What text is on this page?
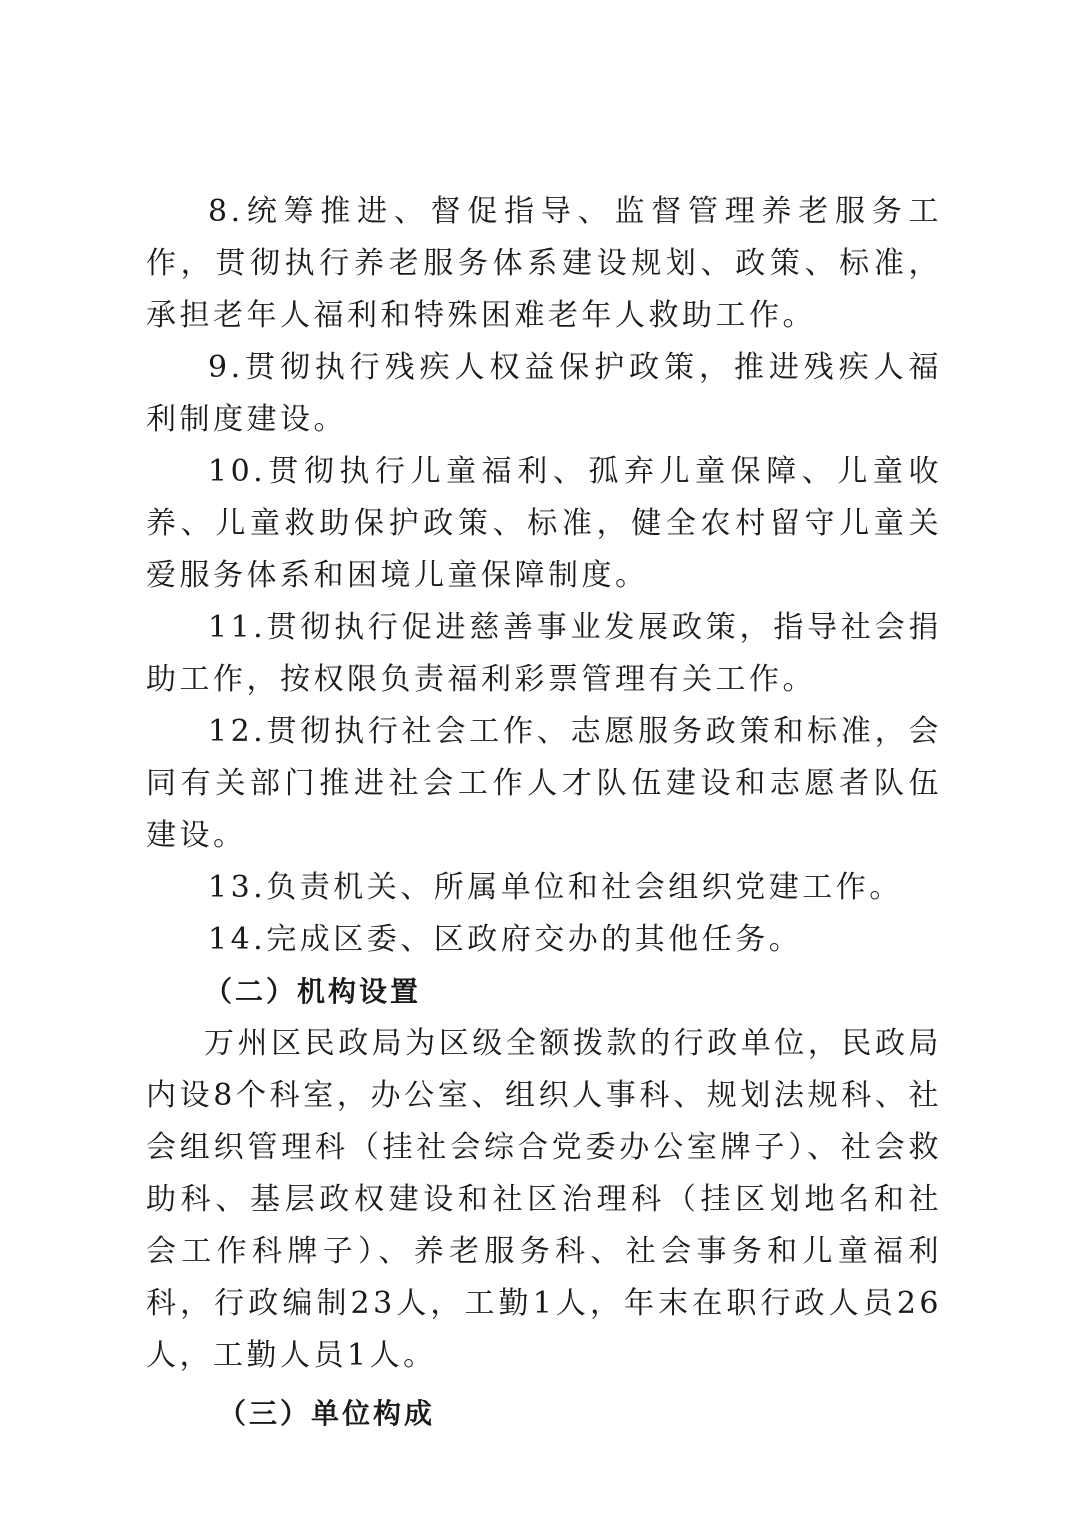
8.统筹推进、督促指导、监督管理养老服务工作，贯彻执行养老服务体系建设规划、政策、标准，承担老年人福利和特殊困难老年人救助工作。

9.贯彻执行残疾人权益保护政策，推进残疾人福利制度建设。

10.贯彻执行儿童福利、孤弃儿童保障、儿童收养、儿童救助保护政策、标准，健全农村留守儿童关爱服务体系和困境儿童保障制度。

11.贯彻执行促进慈善事业发展政策，指导社会捐助工作，按权限负责福利彩票管理有关工作。

12.贯彻执行社会工作、志愿服务政策和标准，会同有关部门推进社会工作人才队伍建设和志愿者队伍建设。

13.负责机关、所属单位和社会组织党建工作。

14.完成区委、区政府交办的其他任务。

（二）机构设置

万州区民政局为区级全额拨款的行政单位，民政局内设8个科室，办公室、组织人事科、规划法规科、社会组织管理科（挂社会综合党委办公室牌子）、社会救助科、基层政权建设和社区治理科（挂区划地名和社会工作科牌子）、养老服务科、社会事务和儿童福利科，行政编制23人，工勤1人，年末在职行政人员26人，工勤人员1人。

（三）单位构成
